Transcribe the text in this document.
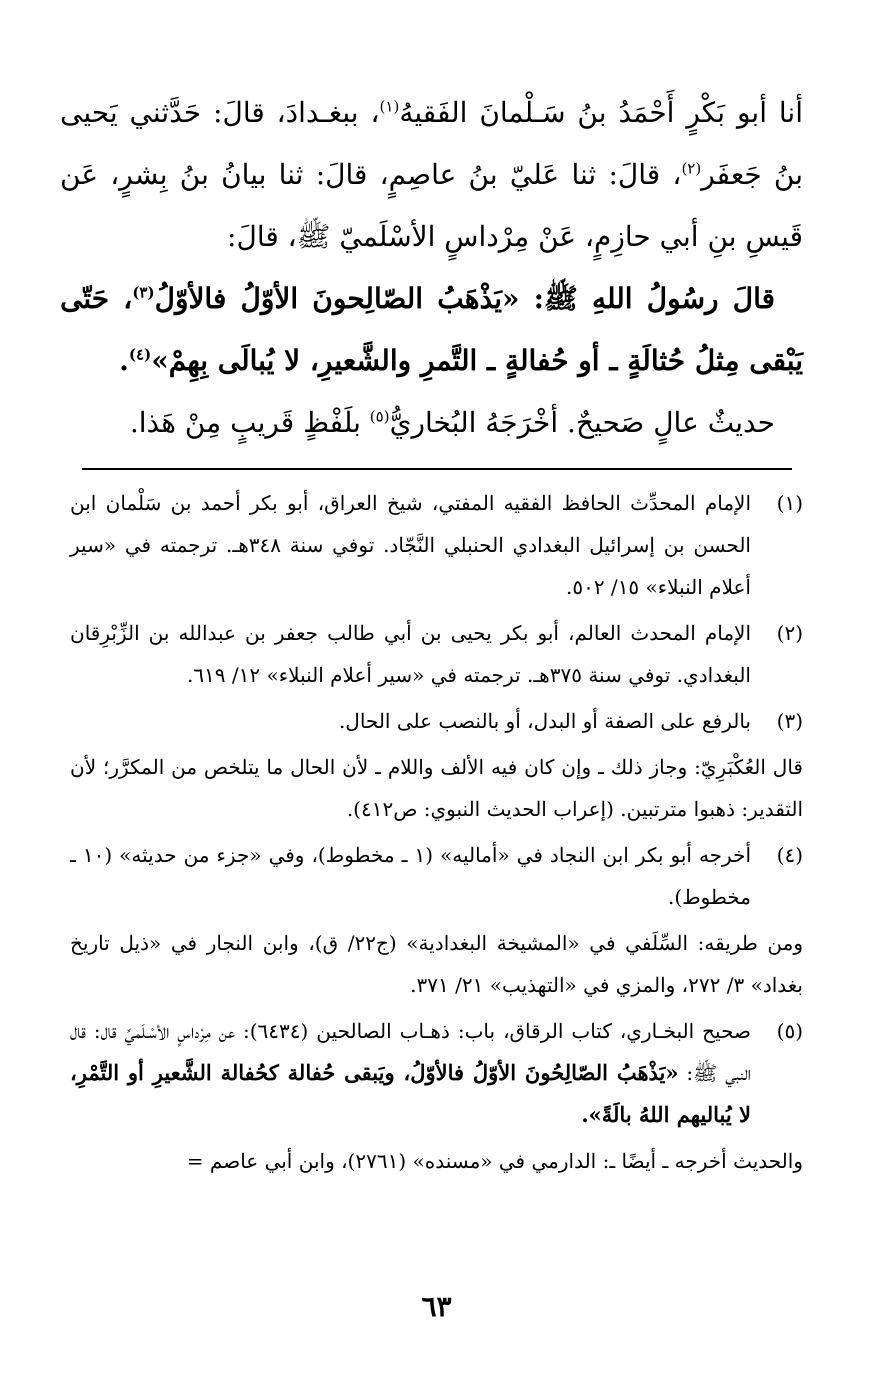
أنا أبو بَكْرٍ أَحْمَدُ بنُ سَـلْمانَ الفَقيهُ$^{(١)}$، ببغـدادَ، قالَ: حَدَّثني يَحيى بنُ جَعفَر$^{(٢)}$، قالَ: ثنا عَليّ بنُ عاصِمٍ، قالَ: ثنا بيانُ بنُ بِشرٍ، عَن قَيسِ بنِ أبي حازِمٍ، عَنْ مِرْداسٍ الأسْلَميّ ﷺ، قالَ:

قالَ رسُولُ اللهِ ﷺ: «يَذْهَبُ الصّالِحونَ الأوّلُ فالأوّلُ$^{(٣)}$، حَتّى يَبْقى مِثلُ حُثالَةٍ ـ أو حُفالةٍ ـ التَّمرِ والشَّعيرِ، لا يُبالَى بِهِمْ»$^{(٤)}$.

حديثٌ عالٍ صَحيحٌ. أخْرَجَهُ البُخاريُّ$^{(٥)}$ بلَفْظٍ قَريبٍ مِنْ هَذا.

(١)
الإمام المحدِّث الحافظ الفقيه المفتي، شيخ العراق، أبو بكر أحمد بن سَلْمان ابن الحسن بن إسرائيل البغدادي الحنبلي النَّجّاد. توفي سنة ٣٤٨هـ. ترجمته في «سير أعلام النبلاء» ١٥/ ٥٠٢.
(٢)
الإمام المحدث العالم، أبو بكر يحيى بن أبي طالب جعفر بن عبدالله بن الزِّبْرِقان البغدادي. توفي سنة ٣٧٥هـ. ترجمته في «سير أعلام النبلاء» ١٢/ ٦١٩.
(٣)
بالرفع على الصفة أو البدل، أو بالنصب على الحال.
قال العُكْبَرِيّ: وجاز ذلك ـ وإن كان فيه الألف واللام ـ لأن الحال ما يتلخص من المكرَّر؛ لأن التقدير: ذهبوا مترتبين. (إعراب الحديث النبوي: ص٤١٢).
(٤)
أخرجه أبو بكر ابن النجاد في «أماليه» (١ ـ مخطوط)، وفي «جزء من حديثه» (١٠ ـ مخطوط).
ومن طريقه: السِّلَفي في «المشيخة البغدادية» (ج٢٢/ ق)، وابن النجار في «ذيل تاريخ بغداد» ٣/ ٢٧٢، والمزي في «التهذيب» ٢١/ ٣٧١.
(٥)
صحيح البخـاري، كتاب الرقاق، باب: ذهـاب الصالحين (٦٤٣٤): عن مِرْداسٍ الأسْـلَميِّ قال: قال النبي ﷺ: «يَذْهَبُ الصّالِحُونَ الأوّلُ فالأوّلُ، ويَبقى حُفالة كحُفالة الشَّعيرِ أو التَّمْرِ، لا يُباليهم اللهُ بالَةً».
والحديث أخرجه ـ أيضًا ـ: الدارمي في «مسنده» (٢٧٦١)، وابن أبي عاصم =
٦٣
